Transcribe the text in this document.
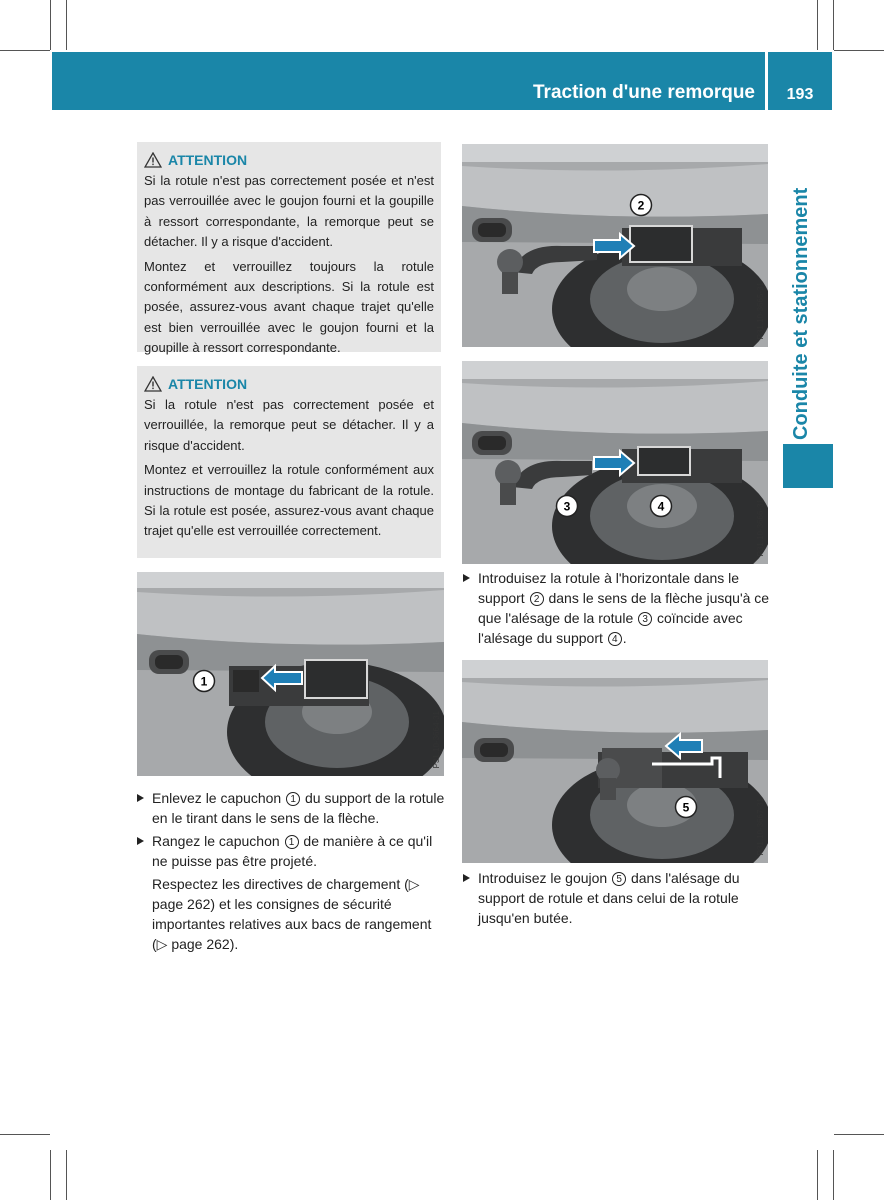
Traction d'une remorque	193
Conduite et stationnement
ATTENTION

Si la rotule n'est pas correctement posée et n'est pas verrouillée avec le goujon fourni et la goupille à ressort correspondante, la remorque peut se détacher. Il y a risque d'accident.

Montez et verrouillez toujours la rotule conformément aux descriptions. Si la rotule est posée, assurez-vous avant chaque trajet qu'elle est bien verrouillée avec le goujon fourni et la goupille à ressort correspondante.

ATTENTION

Si la rotule n'est pas correctement posée et verrouillée, la remorque peut se détacher. Il y a risque d'accident.

Montez et verrouillez la rotule conformément aux instructions de montage du fabricant de la rotule. Si la rotule est posée, assurez-vous avant chaque trajet qu'elle est verrouillée correctement.

1
P31.10-3664-31
2
P31.10-3665-31
3	4	P31.10-3666-31
5	P31.10-3667-31
Enlevez le capuchon 1 du support de la rotule en le tirant dans le sens de la flèche.
Rangez le capuchon 1 de manière à ce qu'il ne puisse pas être projeté.
Respectez les directives de chargement (▷ page 262) et les consignes de sécurité importantes relatives aux bacs de rangement (▷ page 262).
Introduisez la rotule à l'horizontale dans le support 2 dans le sens de la flèche jusqu'à ce que l'alésage de la rotule 3 coïncide avec l'alésage du support 4 .
Introduisez le goujon 5 dans l'alésage du support de rotule et dans celui de la rotule jusqu'en butée.
